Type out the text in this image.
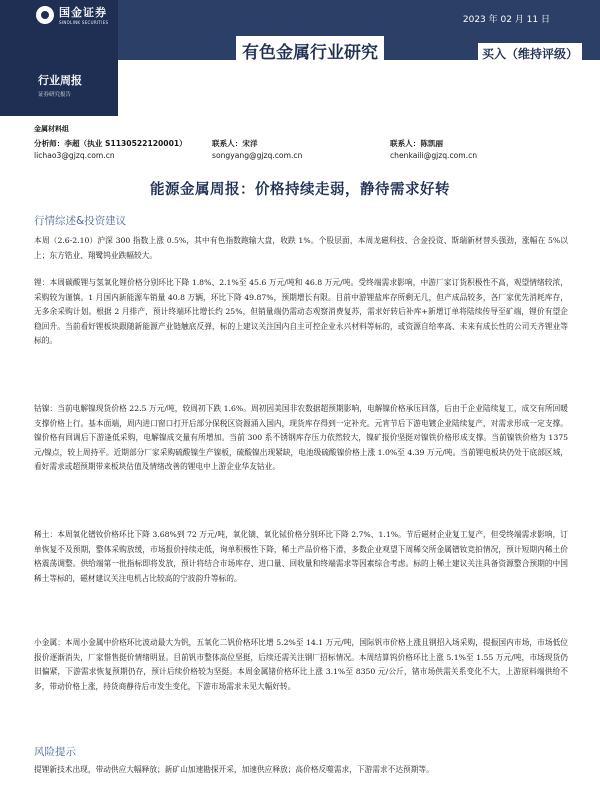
国金证券
SINOLINK SECURITIES	2023 年 02 月 11 日
有色金属行业研究	买入（维持评级）
行业周报
证券研究报告
金属材料组
分析师：李超（执业 S1130522120001）
lichao3@gjzq.com.cn
联系人：宋洋
songyang@gjzq.com.cn
联系人：陈凯丽
chenkaili@gjzq.com.cn
能源金属周报：价格持续走弱，静待需求好转
行情综述&投资建议
本周（2.6-2.10）沪深 300 指数上涨 0.5%，其中有色指数跑输大盘，收跌 1%。个股层面，本周龙磁科技、合金投资、斯瑞新材替头强劲，涨幅在 5%以上；东方锆业、翔鹭钨业跌幅较大。
锂：本周碳酸锂与氢氧化锂价格分别环比下降 1.8%、2.1%至 45.6 万元/吨和 46.8 万元/吨。受终端需求影响，中游厂家订货积极性不高，观望情绪较浓，采购较为谨慎。1 月国内新能源车销量 40.8 万辆，环比下降 49.87%，预期增长有限。目前中游锂盐库存所剩无几，但产成品较多，各厂家优先消耗库存，无多余采购计划。根据 2 月排产，预计终端环比增长约 25%，但销量端仍需动态观察消费复苏，需求好转后补库+新增订单将陆续传导至矿端，锂价有望企稳回升。当前看好锂板块跟随新能源产业链触底反弹，标的上建议关注国内自主可控企业永兴材料等标的，或资源自给率高、未来有成长性的公司天齐锂业等标的。
钴镍：当前电解镍现货价格 22.5 万元/吨，较周初下跌 1.6%。周初因美国非农数据超预期影响，电解镍价格承压回落，后由于企业陆续复工，成交有所回暖支撑价格上行。基本面端，周内进口窗口打开后部分保税区资源涌入国内，现货库存得到一定补充。元宵节后下游电镀企业陆续复产，对需求形成一定支撑。镍价格有回调后下游逢低采购，电解镍成交量有所增加。当前 300 系不锈钢库存压力依然较大，镍矿报价坚挺对镍铁价格形成支撑。当前镍铁价格为 1375 元/镍点，较上周持平。近期部分厂家采购硫酸镍生产镍板，硫酸镍出现紧缺，电池级硫酸镍价格上涨 1.0%至 4.39 万元/吨。当前锂电板块仍处于底部区域，看好需求或超预期带来板块估值及情绪改善的锂电中上游企业华友钴业。
稀土：本周氧化镨钕价格环比下降 3.68%到 72 万元/吨，氧化镝、氧化铽价格分别环比下降 2.7%、1.1%。节后磁材企业复工复产，但受终端需求影响，订单恢复不及预期，整体采购放缓，市场报价持续走低，询单积极性下降，稀土产品价格下滑，多数企业观望下周稀交所金属镨钕竞拍情况，预计短期内稀土价格震荡调整。供给端第一批指标即将发放，预计将结合市场库存、进口量、回收量和终端需求等因素综合考虑。标的上稀土建议关注具备资源整合预期的中国稀土等标的，磁材建议关注电机占比较高的宁波韵升等标的。
小金属：本周小金属中价格环比波动最大为钒，五氧化二钒价格环比增 5.2%至 14.1 万元/吨，国际钒市价格上涨且钢招入场采购，提振国内市场，市场低位报价逐渐消失，厂家惜售挺价情绪明显。目前钒市整体高位坚挺，后续还需关注钢厂招标情况。本周结算钨价格环比上涨 5.1%至 1.55 万元/吨，市场现货仍旧偏紧，下游需求恢复预期仍存，预计后续价格较为坚挺。本周金属锗价格环比上涨 3.1%至 8350 元/公斤，锗市场供需关系变化不大，上游原料端供给不多，带动价格上涨，持货商静待后市发生变化，下游市场需求未见大幅好转。
风险提示
提锂新技术出现，带动供应大幅释放；新矿山加速勘探开采，加速供应释放；高价格反噬需求，下游需求不达预期等。
